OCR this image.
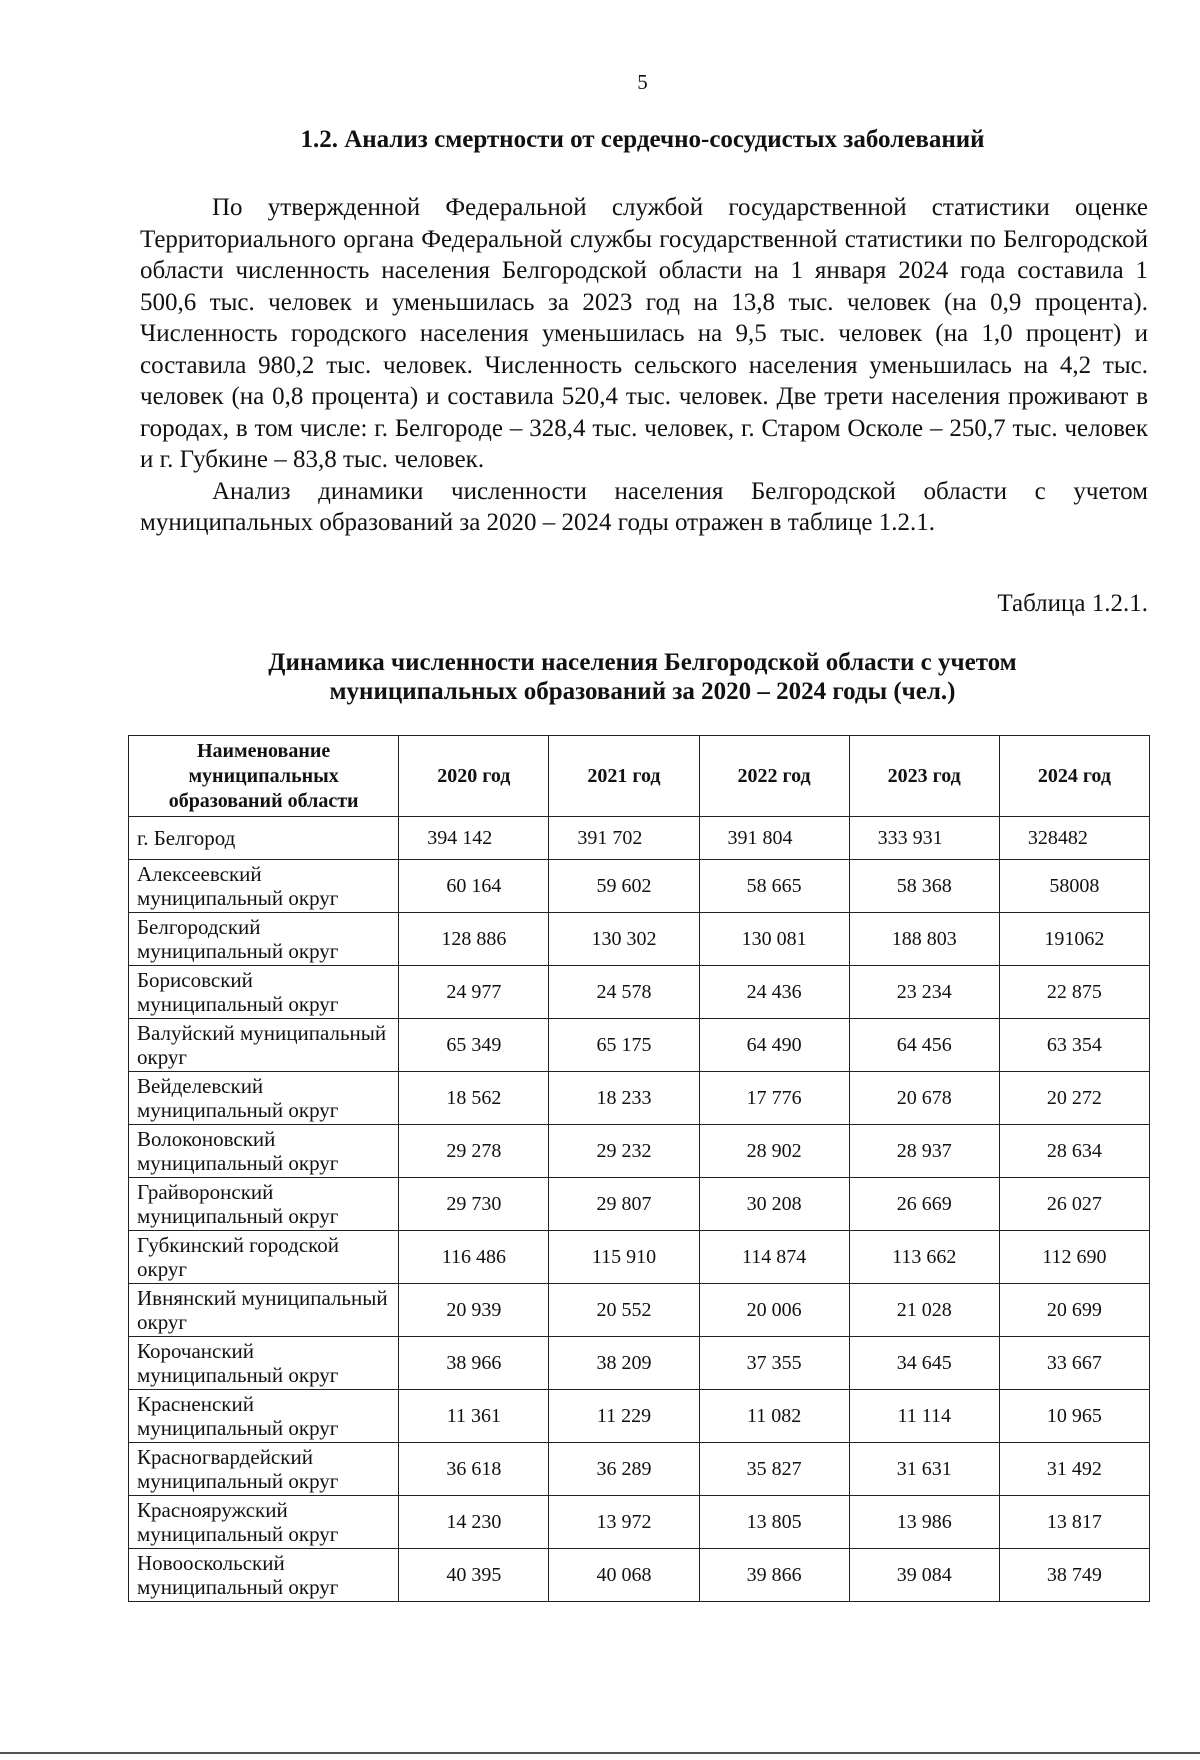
5
1.2. Анализ смертности от сердечно-сосудистых заболеваний

По утвержденной Федеральной службой государственной статистики оценке Территориального органа Федеральной службы государственной статистики по Белгородской области численность населения Белгородской области на 1 января 2024 года составила 1 500,6 тыс. человек и уменьшилась за 2023 год на 13,8 тыс. человек (на 0,9 процента). Численность городского населения уменьшилась на 9,5 тыс. человек (на 1,0 процент) и составила 980,2 тыс. человек. Численность сельского населения уменьшилась на 4,2 тыс. человек (на 0,8 процента) и составила 520,4 тыс. человек. Две трети населения проживают в городах, в том числе: г. Белгороде – 328,4 тыс. человек, г. Старом Осколе – 250,7 тыс. человек и г. Губкине – 83,8 тыс. человек.

Анализ динамики численности населения Белгородской области с учетом муниципальных образований за 2020 – 2024 годы отражен в таблице 1.2.1.

Таблица 1.2.1.
Динамика численности населения Белгородской области с учетом
муниципальных образований за 2020 – 2024 годы (чел.)
Наименование муниципальных образований области	2020 год	2021 год	2022 год	2023 год	2024 год
г. Белгород	394 142	391 702	391 804	333 931	328482
Алексеевский муниципальный округ	60 164	59 602	58 665	58 368	58008
Белгородский муниципальный округ	128 886	130 302	130 081	188 803	191062
Борисовский муниципальный округ	24 977	24 578	24 436	23 234	22 875
Валуйский муниципальный округ	65 349	65 175	64 490	64 456	63 354
Вейделевский муниципальный округ	18 562	18 233	17 776	20 678	20 272
Волоконовский муниципальный округ	29 278	29 232	28 902	28 937	28 634
Грайворонский муниципальный округ	29 730	29 807	30 208	26 669	26 027
Губкинский городской округ	116 486	115 910	114 874	113 662	112 690
Ивнянский муниципальный округ	20 939	20 552	20 006	21 028	20 699
Корочанский муниципальный округ	38 966	38 209	37 355	34 645	33 667
Красненский муниципальный округ	11 361	11 229	11 082	11 114	10 965
Красногвардейский муниципальный округ	36 618	36 289	35 827	31 631	31 492
Краснояружский муниципальный округ	14 230	13 972	13 805	13 986	13 817
Новооскольский муниципальный округ	40 395	40 068	39 866	39 084	38 749
